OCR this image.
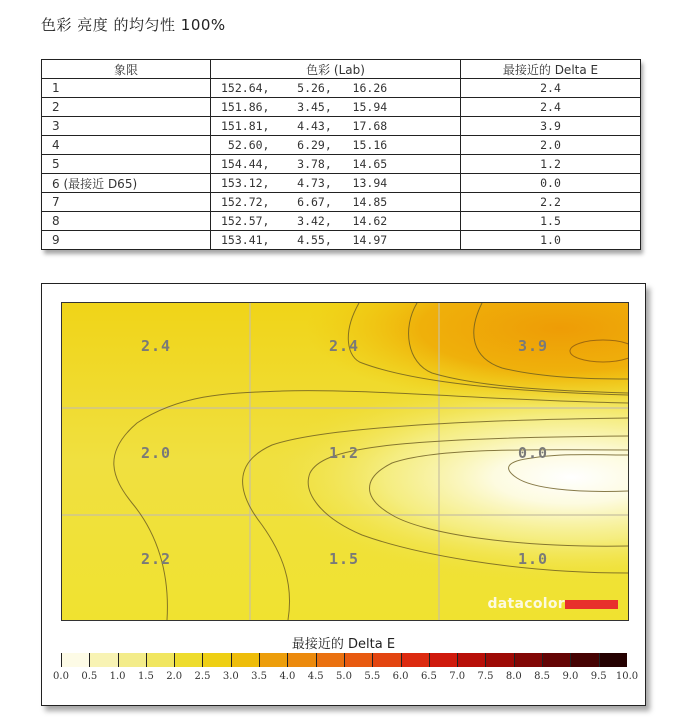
色彩 亮度 的均匀性 100%
象限	色彩 (Lab)	最接近的 Delta E
1	152.64,    5.26,   16.26	2.4
2	151.86,    3.45,   15.94	2.4
3	151.81,    4.43,   17.68	3.9
4	52.60,    6.29,   15.16	2.0
5	154.44,    3.78,   14.65	1.2
6 (最接近 D65)	153.12,    4.73,   13.94	0.0
7	152.72,    6.67,   14.85	2.2
8	152.57,    3.42,   14.62	1.5
9	153.41,    4.55,   14.97	1.0
2.4	2.4	3.9
2.0	1.2	0.0
2.2	1.5	1.0
datacolor
最接近的 Delta E
0.0 0.5 1.0 1.5 2.0 2.5 3.0 3.5 4.0 4.5 5.0 5.5 6.0 6.5 7.0 7.5 8.0 8.5 9.0 9.5 10.0
